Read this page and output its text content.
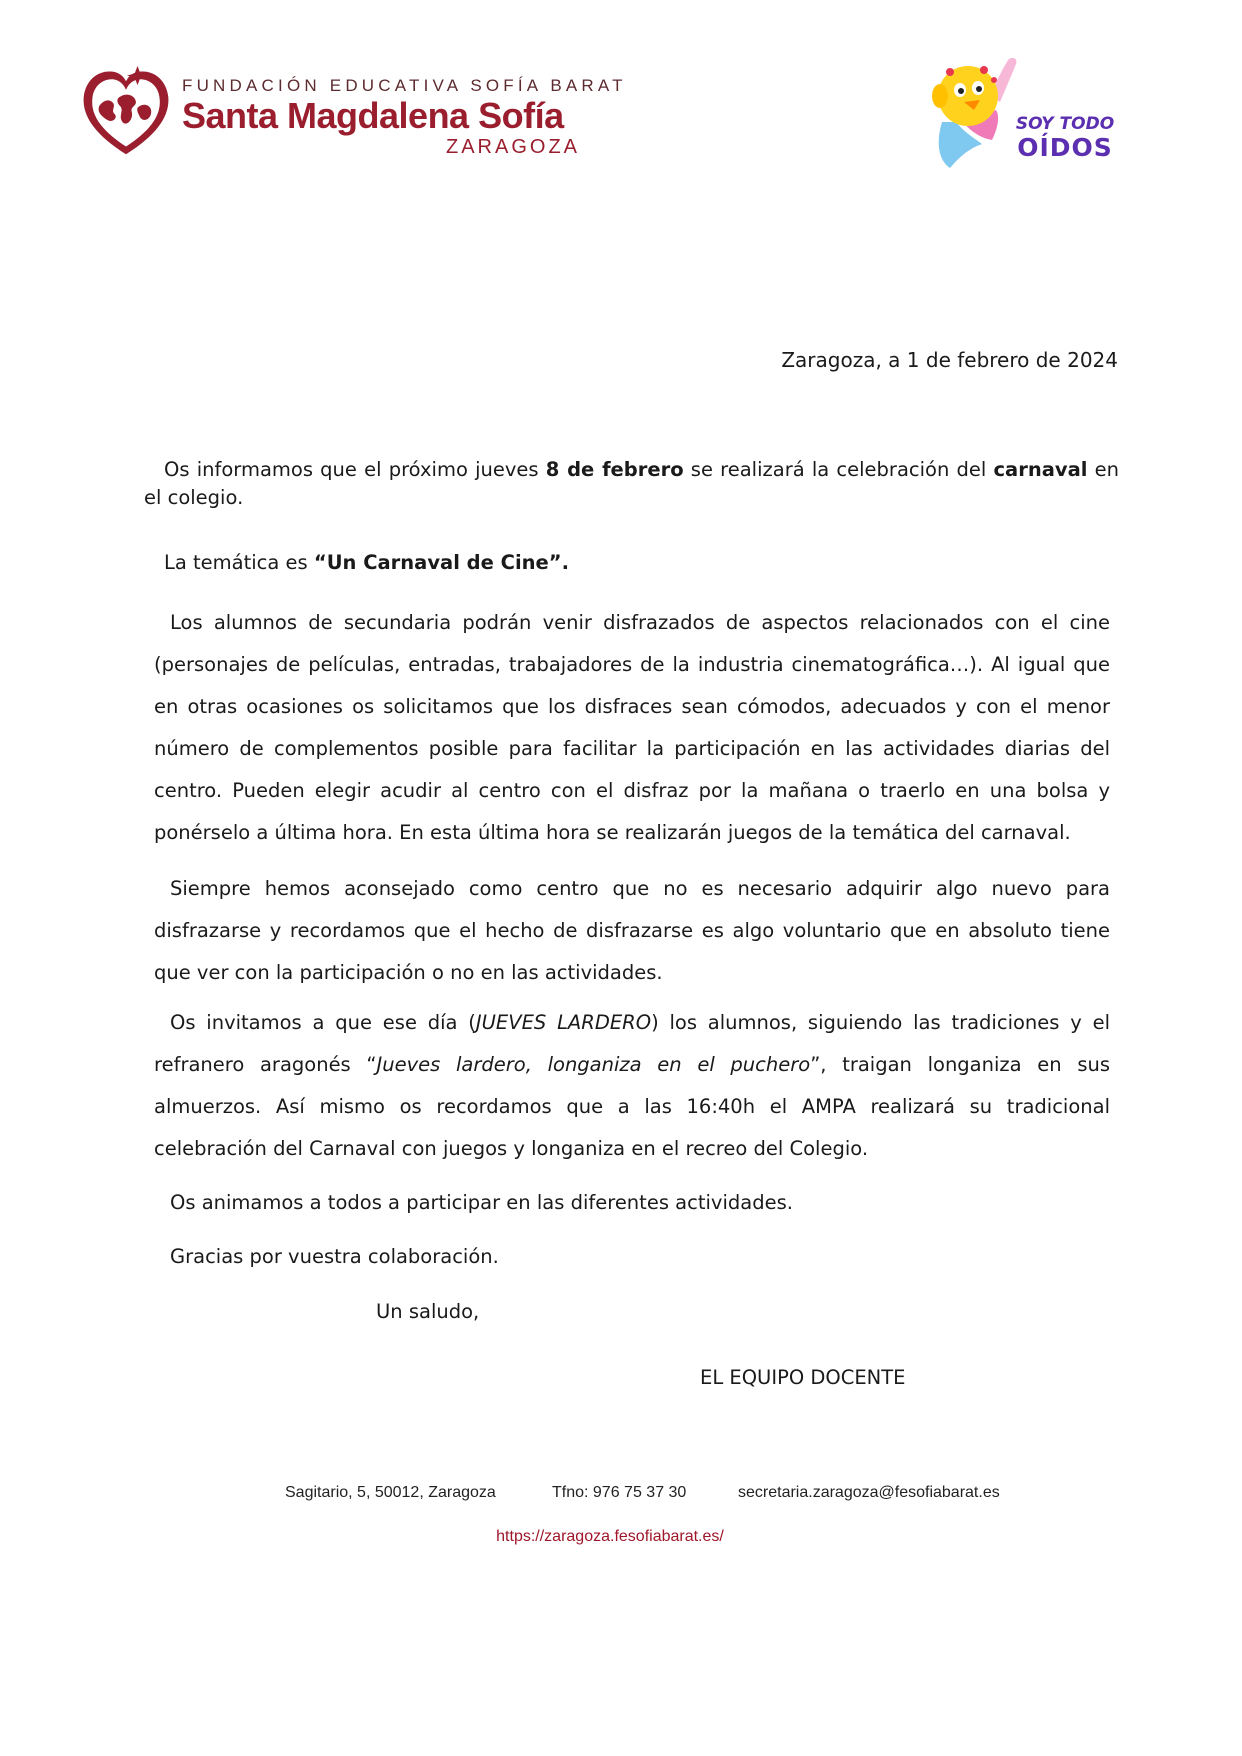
FUNDACIÓN EDUCATIVA SOFÍA BARAT

Santa Magdalena Sofía

ZARAGOZA

SOY TODO

OÍDOS

Zaragoza, a 1 de febrero de 2024

Os informamos que el próximo jueves 8 de febrero se realizará la celebración del carnaval en el colegio.

La temática es “Un Carnaval de Cine”.

Los alumnos de secundaria podrán venir disfrazados de aspectos relacionados con el cine (personajes de películas, entradas, trabajadores de la industria cinematográfica…). Al igual que en otras ocasiones os solicitamos que los disfraces sean cómodos, adecuados y con el menor número de complementos posible para facilitar la participación en las actividades diarias del centro. Pueden elegir acudir al centro con el disfraz por la mañana o traerlo en una bolsa y ponérselo a última hora. En esta última hora se realizarán juegos de la temática del carnaval.

Siempre hemos aconsejado como centro que no es necesario adquirir algo nuevo para disfrazarse y recordamos que el hecho de disfrazarse es algo voluntario que en absoluto tiene que ver con la participación o no en las actividades.

Os invitamos a que ese día (JUEVES LARDERO) los alumnos, siguiendo las tradiciones y el refranero aragonés “Jueves lardero, longaniza en el puchero”, traigan longaniza en sus almuerzos. Así mismo os recordamos que a las 16:40h el AMPA realizará su tradicional celebración del Carnaval con juegos y longaniza en el recreo del Colegio.

Os animamos a todos a participar en las diferentes actividades.

Gracias por vuestra colaboración.

Un saludo,

EL EQUIPO DOCENTE

Sagitario, 5, 50012, Zaragoza	Tfno: 976 75 37 30	secretaria.zaragoza@fesofiabarat.es

https://zaragoza.fesofiabarat.es/
